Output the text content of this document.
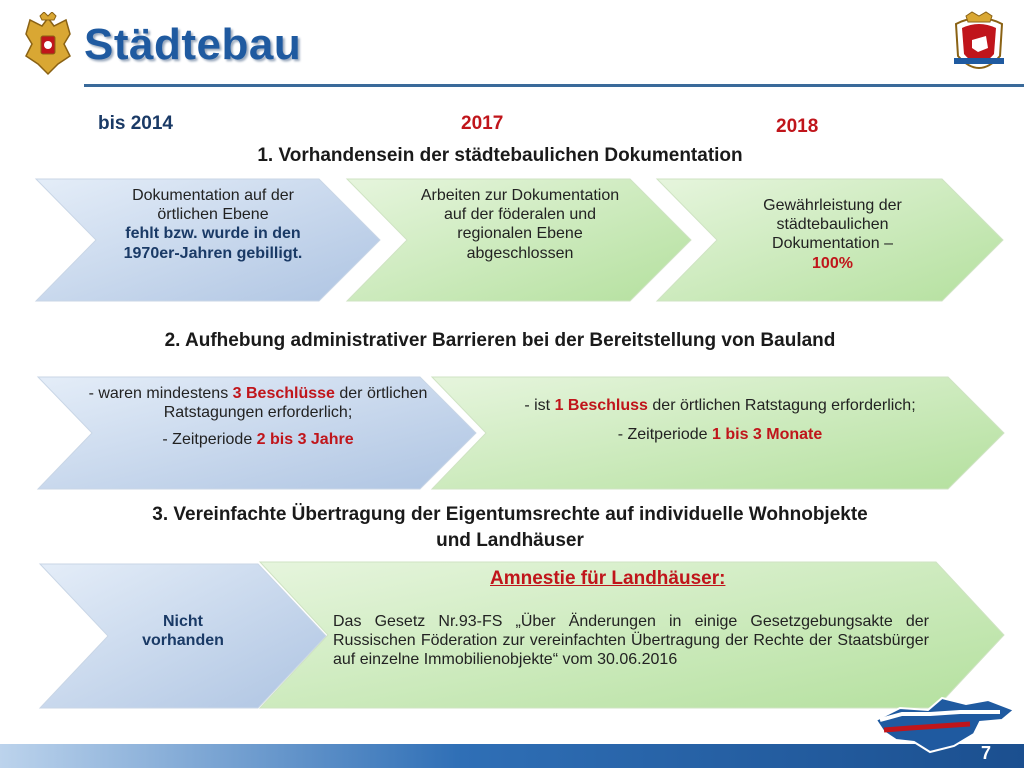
Städtebau
bis 2014	2017	2018
1. Vorhandensein der städtebaulichen Dokumentation
Dokumentation auf der örtlichen Ebene
fehlt bzw. wurde in den 1970er-Jahren gebilligt.
Arbeiten zur Dokumentation auf der föderalen und regionalen Ebene abgeschlossen
Gewährleistung der städtebaulichen Dokumentation –
100%
2. Aufhebung administrativer Barrieren bei der Bereitstellung von Bauland

- waren mindestens 3 Beschlüsse der örtlichen Ratstagungen erforderlich;

- Zeitperiode 2 bis 3 Jahre

- ist 1 Beschluss der örtlichen Ratstagung erforderlich;

- Zeitperiode 1 bis 3 Monate

3. Vereinfachte Übertragung der Eigentumsrechte auf individuelle Wohnobjekte
und Landhäuser
Nicht
vorhanden
Amnestie für Landhäuser:
Das Gesetz Nr.93-FS „Über Änderungen in einige Gesetzgebungsakte der Russischen Föderation zur vereinfachten Übertragung der Rechte der Staatsbürger auf einzelne Immobilienobjekte“ vom 30.06.2016
7
